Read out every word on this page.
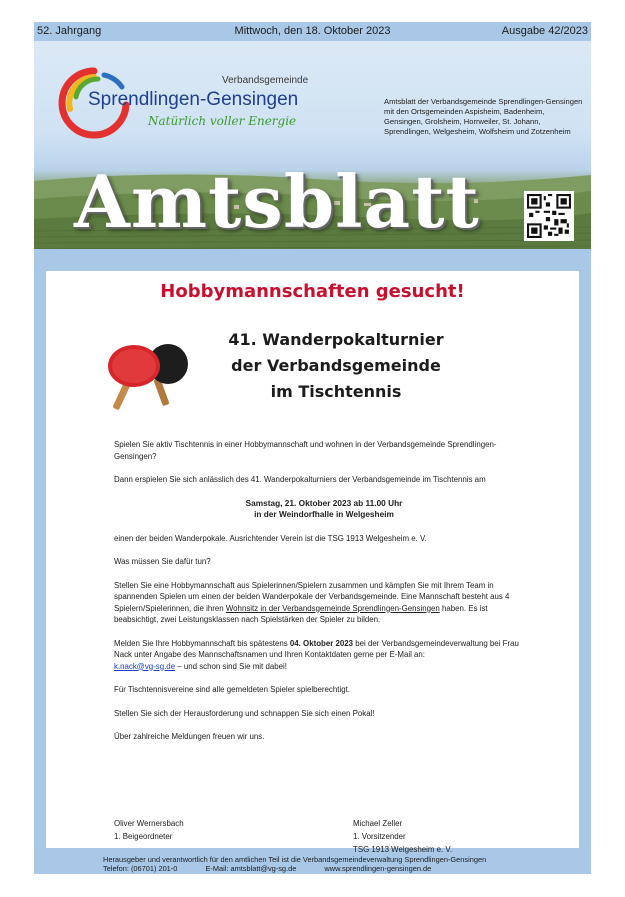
52. Jahrgang	Mittwoch, den 18. Oktober 2023	Ausgabe 42/2023
Verbandsgemeinde
Sprendlingen-Gensingen
Natürlich voller Energie
Amtsblatt der Verbandsgemeinde Sprendlingen-Gensingen
mit den Ortsgemeinden Aspisheim, Badenheim,
Gensingen, Grolsheim, Horrweiler, St. Johann,
Sprendlingen, Welgesheim, Wolfsheim und Zotzenheim
Amtsblatt
Hobbymannschaften gesucht!
41. Wanderpokalturnier
der Verbandsgemeinde
im Tischtennis

Spielen Sie aktiv Tischtennis in einer Hobbymannschaft und wohnen in der Verbandsgemeinde Sprendlingen-Gensingen?

Dann erspielen Sie sich anlässlich des 41. Wanderpokalturniers der Verbandsgemeinde im Tischtennis am

Samstag, 21. Oktober 2023 ab 11.00 Uhr
in der Weindorfhalle in Welgesheim

einen der beiden Wanderpokale. Ausrichtender Verein ist die TSG 1913 Welgesheim e. V.

Was müssen Sie dafür tun?

Stellen Sie eine Hobbymannschaft aus Spielerinnen/Spielern zusammen und kämpfen Sie mit Ihrem Team in spannenden Spielen um einen der beiden Wanderpokale der Verbandsgemeinde. Eine Mannschaft besteht aus 4 Spielern/Spielerinnen, die ihren Wohnsitz in der Verbandsgemeinde Sprendlingen-Gensingen haben. Es ist beabsichtigt, zwei Leistungsklassen nach Spielstärken der Spieler zu bilden.

Melden Sie Ihre Hobbymannschaft bis spätestens 04. Oktober 2023 bei der Verbandsgemeindeverwaltung bei Frau Nack unter Angabe des Mannschaftsnamen und Ihren Kontaktdaten gerne per E-Mail an:
k.nack@vg-sg.de – und schon sind Sie mit dabei!

Für Tischtennisvereine sind alle gemeldeten Spieler spielberechtigt.

Stellen Sie sich der Herausforderung und schnappen Sie sich einen Pokal!

Über zahlreiche Meldungen freuen wir uns.

Oliver Wernersbach
1. Beigeordneter
Michael Zeller
1. Vorsitzender
TSG 1913 Welgesheim e. V.
Herausgeber und verantwortlich für den amtlichen Teil ist die Verbandsgemeindeverwaltung Sprendlingen-Gensingen
Telefon: (06701) 201-0	E-Mail: amtsblatt@vg-sg.de	www.sprendlingen-gensingen.de
